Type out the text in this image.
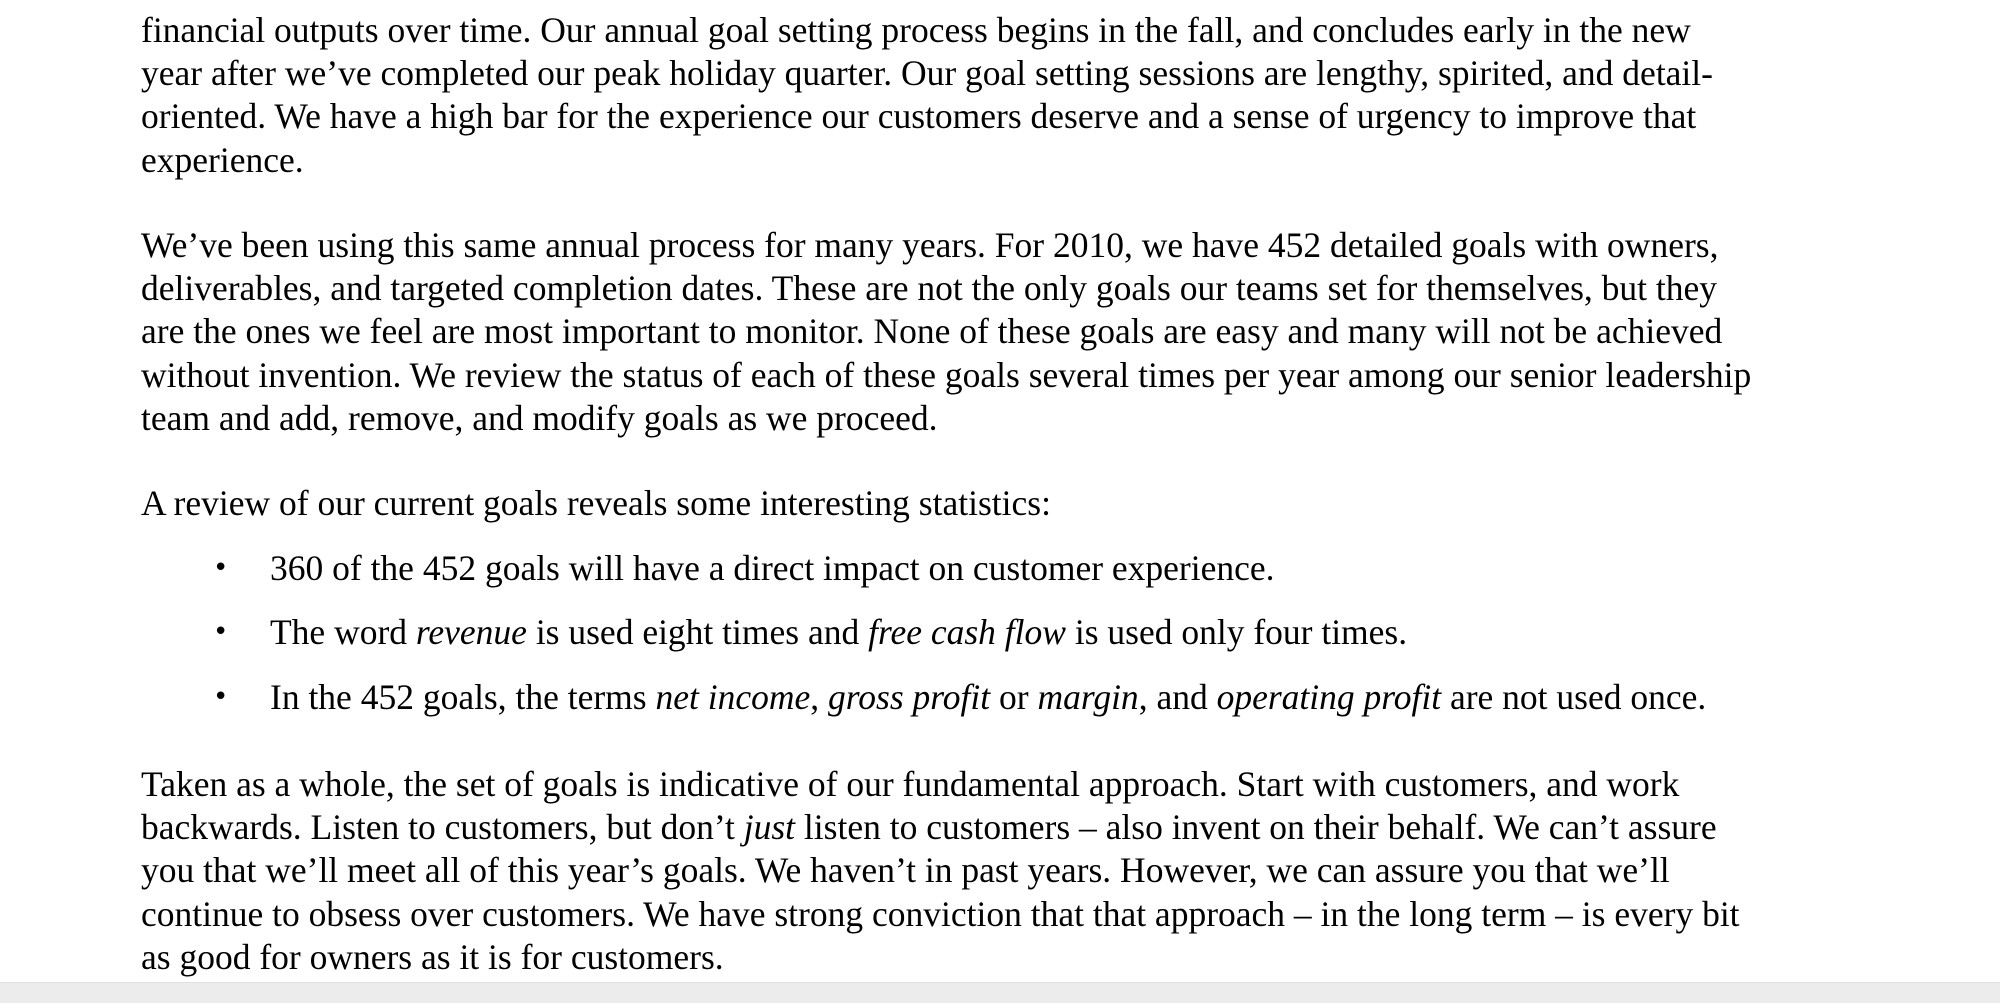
financial outputs over time. Our annual goal setting process begins in the fall, and concludes early in the new
year after we’ve completed our peak holiday quarter. Our goal setting sessions are lengthy, spirited, and detail-
oriented. We have a high bar for the experience our customers deserve and a sense of urgency to improve that
experience.

We’ve been using this same annual process for many years. For 2010, we have 452 detailed goals with owners,
deliverables, and targeted completion dates. These are not the only goals our teams set for themselves, but they
are the ones we feel are most important to monitor. None of these goals are easy and many will not be achieved
without invention. We review the status of each of these goals several times per year among our senior leadership
team and add, remove, and modify goals as we proceed.

A review of our current goals reveals some interesting statistics:

• 360 of the 452 goals will have a direct impact on customer experience.
• The word revenue is used eight times and free cash flow is used only four times.
• In the 452 goals, the terms net income, gross profit or margin, and operating profit are not used once.

Taken as a whole, the set of goals is indicative of our fundamental approach. Start with customers, and work
backwards. Listen to customers, but don’t just listen to customers – also invent on their behalf. We can’t assure
you that we’ll meet all of this year’s goals. We haven’t in past years. However, we can assure you that we’ll
continue to obsess over customers. We have strong conviction that that approach – in the long term – is every bit
as good for owners as it is for customers.
